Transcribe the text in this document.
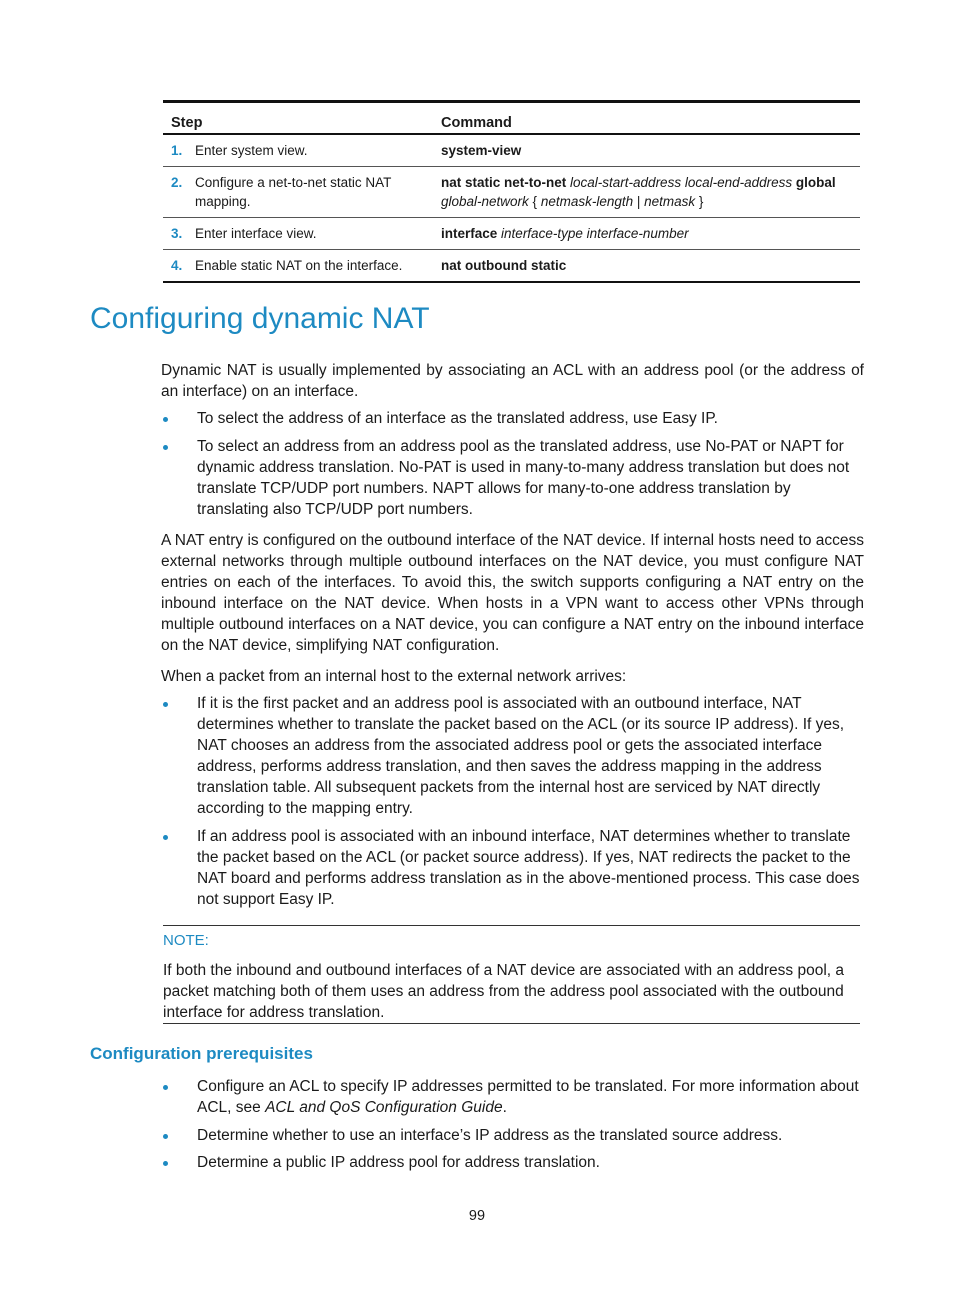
Step		Command
1.	Enter system view.	system-view
2.	Configure a net-to-net static NAT mapping.	nat static net-to-net local-start-address local-end-address global global-network { netmask-length | netmask }
3.	Enter interface view.	interface interface-type interface-number
4.	Enable static NAT on the interface.	nat outbound static
Configuring dynamic NAT

Dynamic NAT is usually implemented by associating an ACL with an address pool (or the address of an interface) on an interface.

To select the address of an interface as the translated address, use Easy IP.

To select an address from an address pool as the translated address, use No-PAT or NAPT for dynamic address translation. No-PAT is used in many-to-many address translation but does not translate TCP/UDP port numbers. NAPT allows for many-to-one address translation by translating also TCP/UDP port numbers.

A NAT entry is configured on the outbound interface of the NAT device. If internal hosts need to access external networks through multiple outbound interfaces on the NAT device, you must configure NAT entries on each of the interfaces. To avoid this, the switch supports configuring a NAT entry on the inbound interface on the NAT device. When hosts in a VPN want to access other VPNs through multiple outbound interfaces on a NAT device, you can configure a NAT entry on the inbound interface on the NAT device, simplifying NAT configuration.

When a packet from an internal host to the external network arrives:

If it is the first packet and an address pool is associated with an outbound interface, NAT determines whether to translate the packet based on the ACL (or its source IP address). If yes, NAT chooses an address from the associated address pool or gets the associated interface address, performs address translation, and then saves the address mapping in the address translation table. All subsequent packets from the internal host are serviced by NAT directly according to the mapping entry.

If an address pool is associated with an inbound interface, NAT determines whether to translate the packet based on the ACL (or packet source address). If yes, NAT redirects the packet to the NAT board and performs address translation as in the above-mentioned process. This case does not support Easy IP.

NOTE:

If both the inbound and outbound interfaces of a NAT device are associated with an address pool, a packet matching both of them uses an address from the address pool associated with the outbound interface for address translation.

Configuration prerequisites

Configure an ACL to specify IP addresses permitted to be translated. For more information about ACL, see ACL and QoS Configuration Guide.

Determine whether to use an interface’s IP address as the translated source address.

Determine a public IP address pool for address translation.

99
